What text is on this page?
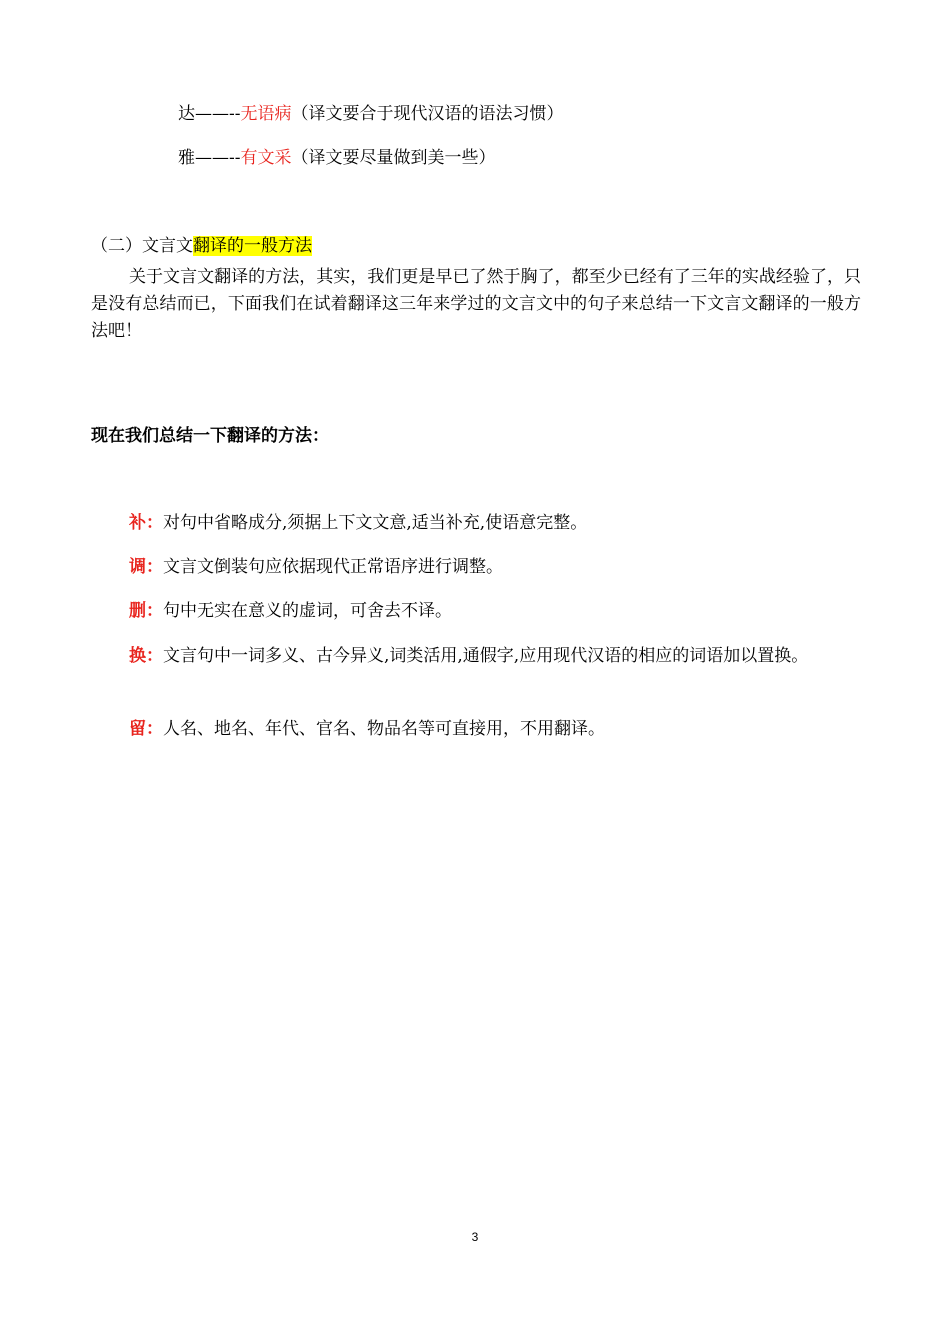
达——--无语病（译文要合于现代汉语的语法习惯）
雅——--有文采（译文要尽量做到美一些）
（二）文言文翻译的一般方法

关于文言文翻译的方法，其实，我们更是早已了然于胸了，都至少已经有了三年的实战经验了，只是没有总结而已，下面我们在试着翻译这三年来学过的文言文中的句子来总结一下文言文翻译的一般方法吧！

现在我们总结一下翻译的方法：

补：对句中省略成分,须据上下文文意,适当补充,使语意完整。

调：文言文倒装句应依据现代正常语序进行调整。

删：句中无实在意义的虚词，可舍去不译。

换：文言句中一词多义、古今异义,词类活用,通假字,应用现代汉语的相应的词语加以置换。

留：人名、地名、年代、官名、物品名等可直接用，不用翻译。

3
